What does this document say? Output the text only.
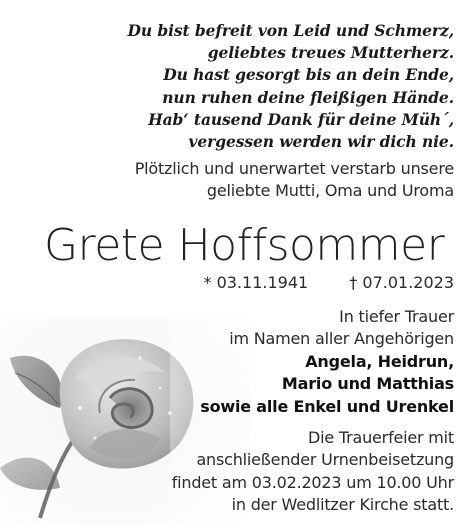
Du bist befreit von Leid und Schmerz,
geliebtes treues Mutterherz.
Du hast gesorgt bis an dein Ende,
nun ruhen deine fleißigen Hände.
Hab‘ tausend Dank für deine Müh´,
vergessen werden wir dich nie.
Plötzlich und unerwartet verstarb unsere
geliebte Mutti, Oma und Uroma
Grete Hoffsommer
* 03.11.1941	† 07.01.2023
In tiefer Trauer
im Namen aller Angehörigen
Angela, Heidrun,
Mario und Matthias
sowie alle Enkel und Urenkel
Die Trauerfeier mit
anschließender Urnenbeisetzung
findet am 03.02.2023 um 10.00 Uhr
in der Wedlitzer Kirche statt.
